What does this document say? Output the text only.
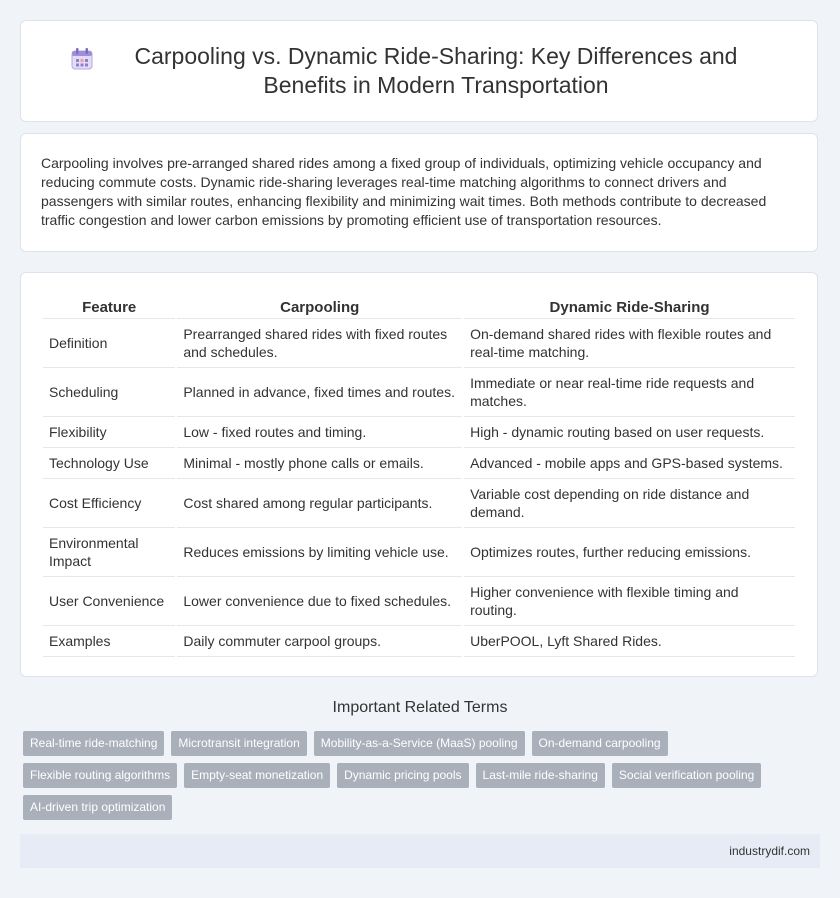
Carpooling vs. Dynamic Ride-Sharing: Key Differences and Benefits in Modern Transportation

Carpooling involves pre-arranged shared rides among a fixed group of individuals, optimizing vehicle occupancy and reducing commute costs. Dynamic ride-sharing leverages real-time matching algorithms to connect drivers and passengers with similar routes, enhancing flexibility and minimizing wait times. Both methods contribute to decreased traffic congestion and lower carbon emissions by promoting efficient use of transportation resources.

Feature	Carpooling	Dynamic Ride-Sharing
Definition	Prearranged shared rides with fixed routes and schedules.	On-demand shared rides with flexible routes and real-time matching.
Scheduling	Planned in advance, fixed times and routes.	Immediate or near real-time ride requests and matches.
Flexibility	Low - fixed routes and timing.	High - dynamic routing based on user requests.
Technology Use	Minimal - mostly phone calls or emails.	Advanced - mobile apps and GPS-based systems.
Cost Efficiency	Cost shared among regular participants.	Variable cost depending on ride distance and demand.
Environmental Impact	Reduces emissions by limiting vehicle use.	Optimizes routes, further reducing emissions.
User Convenience	Lower convenience due to fixed schedules.	Higher convenience with flexible timing and routing.
Examples	Daily commuter carpool groups.	UberPOOL, Lyft Shared Rides.
Important Related Terms
Real-time ride-matching	Microtransit integration	Mobility-as-a-Service (MaaS) pooling	On-demand carpooling
Flexible routing algorithms	Empty-seat monetization	Dynamic pricing pools	Last-mile ride-sharing	Social verification pooling
AI-driven trip optimization
industrydif.com
